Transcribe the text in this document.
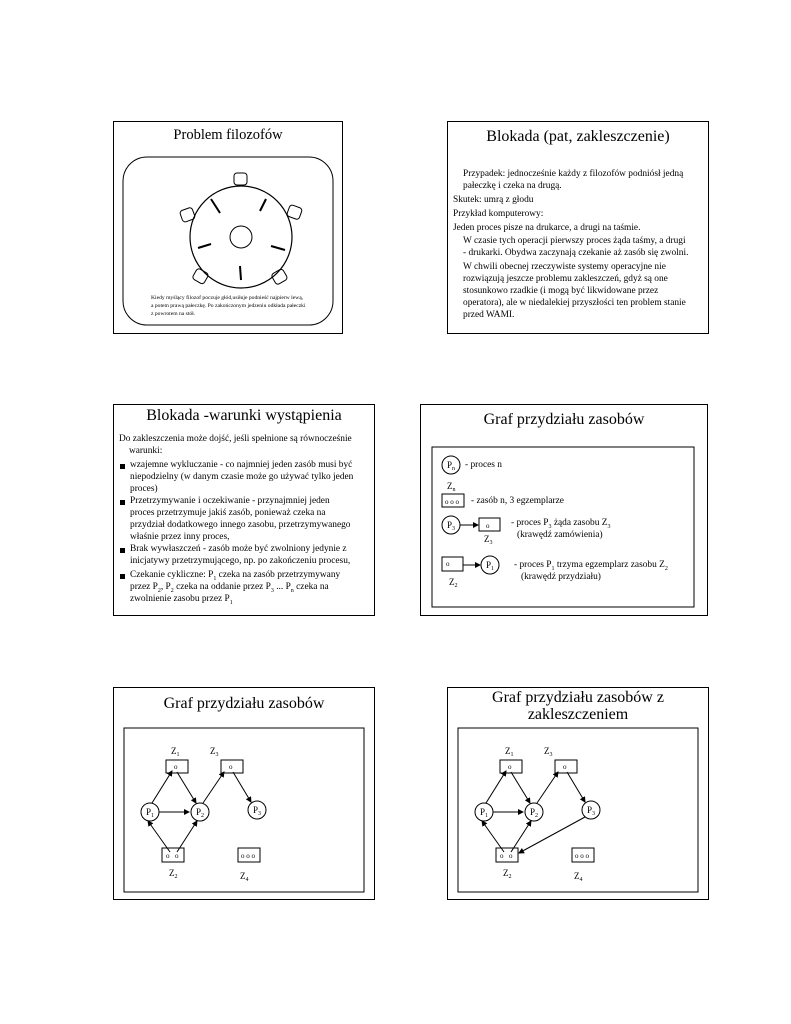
Problem filozofów
Kiedy myślący filozof poczuje głód,usiłuje podnieść najpierw lewą,
a potem prawą pałeczkę. Po zakończonym jedzeniu odkłada pałeczki
z powrotem na stół.
Blokada (pat, zakleszczenie)
Przypadek: jednocześnie każdy z filozofów podniósł jedną
pałeczkę i czeka na drugą.
Skutek: umrą z głodu
Przykład komputerowy:
Jeden proces pisze na drukarce, a drugi na taśmie.
W czasie tych operacji pierwszy proces żąda taśmy, a drugi
- drukarki. Obydwa zaczynają czekanie aż zasób się zwolni.
W chwili obecnej rzeczywiste systemy operacyjne nie
rozwiązują jeszcze problemu zakleszczeń, gdyż są one
stosunkowo rzadkie (i mogą być likwidowane przez
operatora), ale w niedalekiej przyszłości ten problem stanie
przed WAMI.
Blokada -warunki wystąpienia
Do zakleszczenia może dojść, jeśli spełnione są równocześnie
warunki:
wzajemne wykluczanie - co najmniej jeden zasób musi być
niepodzielny (w danym czasie może go używać tylko jeden
proces)
Przetrzymywanie i oczekiwanie - przynajmniej jeden
proces przetrzymuje jakiś zasób, ponieważ czeka na
przydział dodatkowego innego zasobu, przetrzymywanego
właśnie przez inny proces,
Brak wywłaszczeń - zasób może być zwolniony jedynie z
inicjatywy przetrzymującego, np. po zakończeniu procesu,
Czekanie cykliczne: $P_1$ czeka na zasób przetrzymywany
przez $P_2$, $P_2$ czeka na oddanie przez $P_3$ ... $P_n$ czeka na
zwolnienie zasobu przez $P_1$
Graf przydziału zasobów
$P_n$
$Z_n$
o o o
$P_3$	o
$Z_3$
o	$P_1$
$Z_2$
- proces n
- zasób n, 3 egzemplarze
- proces $P_3$ żąda zasobu $Z_3$
(krawędź zamówienia)
- proces $P_1$ trzyma egzemplarz zasobu $Z_2$
(krawędź przydziału)
Graf przydziału zasobów
$Z_1$	$Z_3$
o	o
$P_1$	$P_2$
$P_3$
o o	o o o
$Z_2$	$Z_4$
Graf przydziału zasobów z
zakleszczeniem
$Z_1$	$Z_3$
o	o
$P_1$	$P_2$
$P_3$
o o	o o o
$Z_2$	$Z_4$
